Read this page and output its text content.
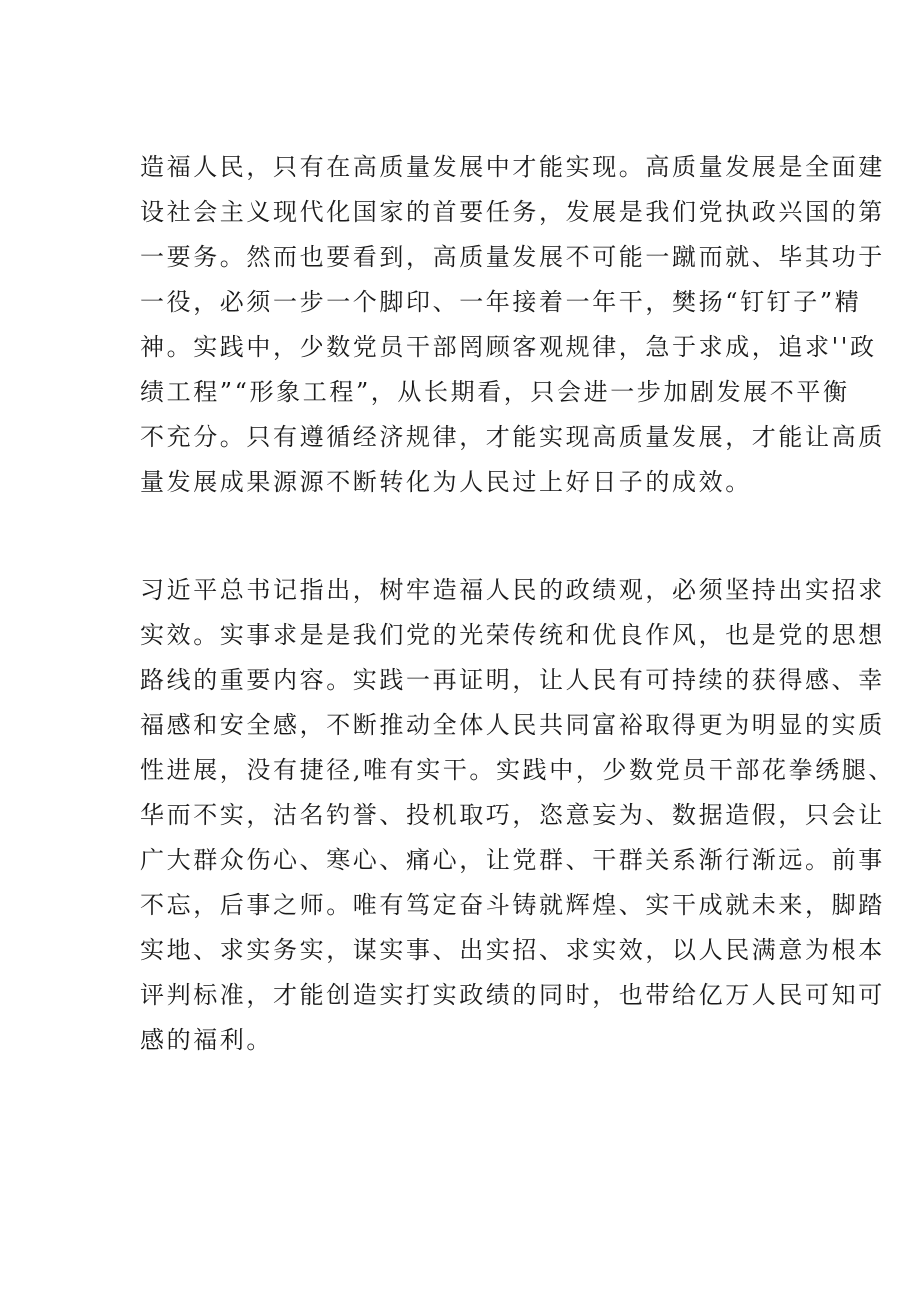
造福人民，只有在高质量发展中才能实现。高质量发展是全面建
设社会主义现代化国家的首要任务，发展是我们党执政兴国的第
一要务。然而也要看到，高质量发展不可能一蹴而就、毕其功于
一役，必须一步一个脚印、一年接着一年干，樊扬“钉钉子”精
神。实践中，少数党员干部罔顾客观规律，急于求成，追求''政
绩工程”“形象工程”，从长期看，只会进一步加剧发展不平衡
不充分。只有遵循经济规律，才能实现高质量发展，才能让高质
量发展成果源源不断转化为人民过上好日子的成效。
习近平总书记指出，树牢造福人民的政绩观，必须坚持出实招求
实效。实事求是是我们党的光荣传统和优良作风，也是党的思想
路线的重要内容。实践一再证明，让人民有可持续的获得感、幸
福感和安全感，不断推动全体人民共同富裕取得更为明显的实质
性进展，没有捷径,唯有实干。实践中，少数党员干部花拳绣腿、
华而不实，沽名钓誉、投机取巧，恣意妄为、数据造假，只会让
广大群众伤心、寒心、痛心，让党群、干群关系渐行渐远。前事
不忘，后事之师。唯有笃定奋斗铸就辉煌、实干成就未来，脚踏
实地、求实务实，谋实事、出实招、求实效，以人民满意为根本
评判标准，才能创造实打实政绩的同时，也带给亿万人民可知可
感的福利。
